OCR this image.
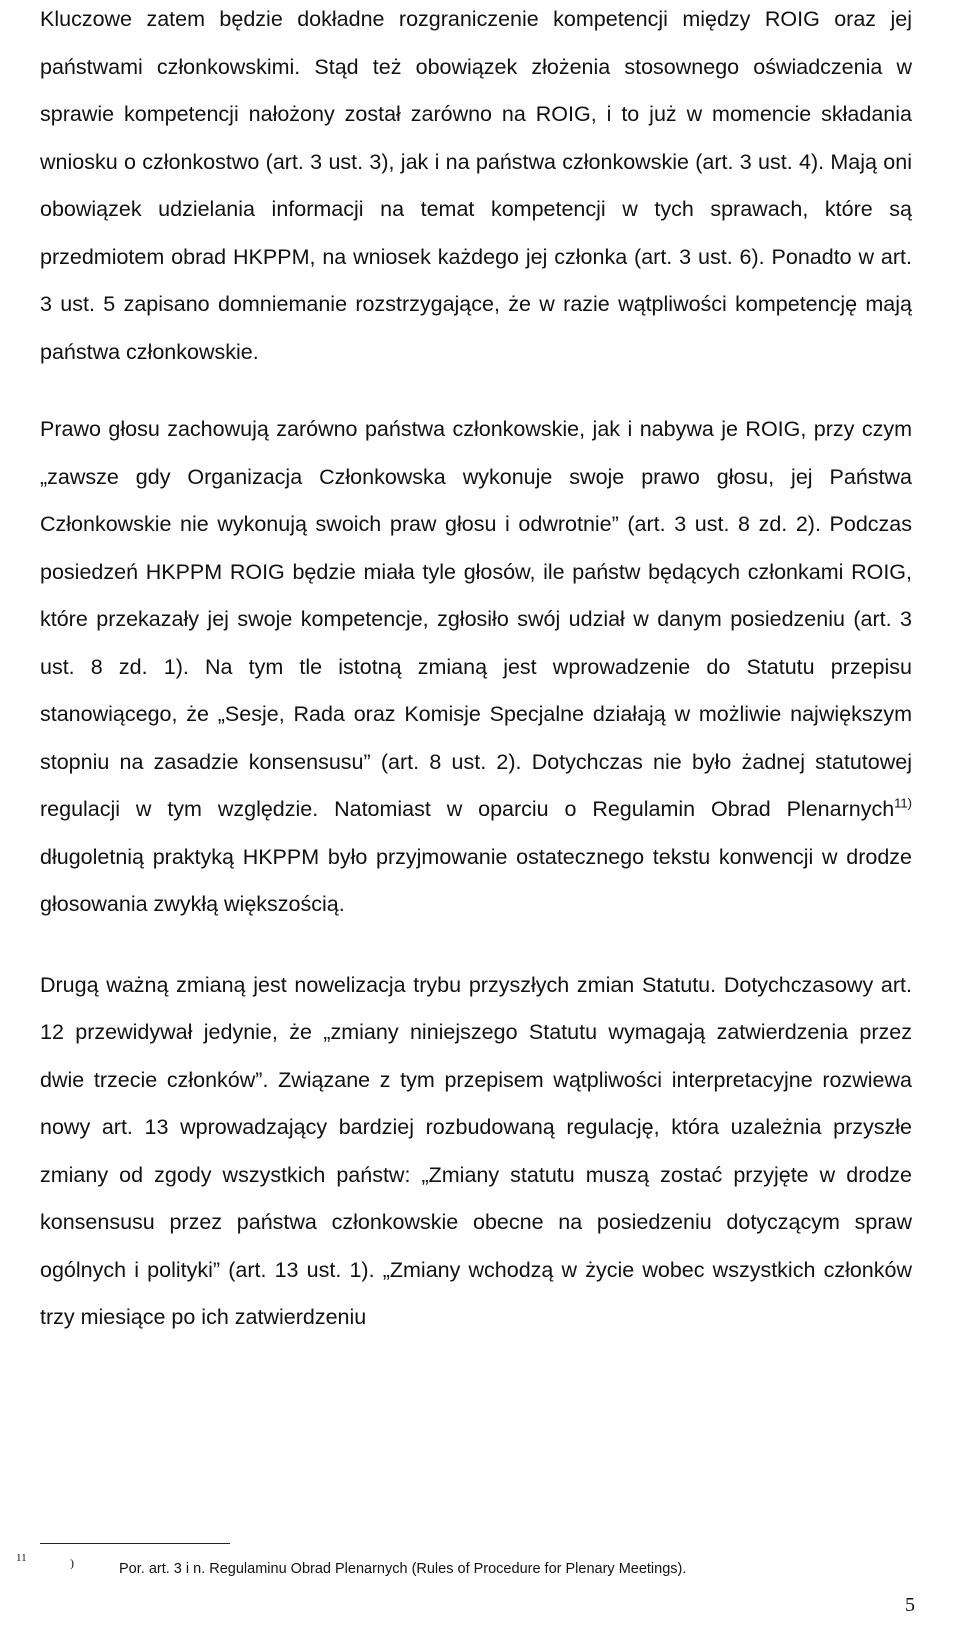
Kluczowe zatem będzie dokładne rozgraniczenie kompetencji między ROIG oraz jej państwami członkowskimi. Stąd też obowiązek złożenia stosownego oświadczenia w sprawie kompetencji nałożony został zarówno na ROIG, i to już w momencie składania wniosku o członkostwo (art. 3 ust. 3), jak i na państwa członkowskie (art. 3 ust. 4). Mają oni obowiązek udzielania informacji na temat kompetencji w tych sprawach, które są przedmiotem obrad HKPPM, na wniosek każdego jej członka (art. 3 ust. 6). Ponadto w art. 3 ust. 5 zapisano domniemanie rozstrzygające, że w razie wątpliwości kompetencję mają państwa członkowskie.

Prawo głosu zachowują zarówno państwa członkowskie, jak i nabywa je ROIG, przy czym „zawsze gdy Organizacja Członkowska wykonuje swoje prawo głosu, jej Państwa Członkowskie nie wykonują swoich praw głosu i odwrotnie” (art. 3 ust. 8 zd. 2). Podczas posiedzeń HKPPM ROIG będzie miała tyle głosów, ile państw będących członkami ROIG, które przekazały jej swoje kompetencje, zgłosiło swój udział w danym posiedzeniu (art. 3 ust. 8 zd. 1). Na tym tle istotną zmianą jest wprowadzenie do Statutu przepisu stanowiącego, że „Sesje, Rada oraz Komisje Specjalne działają w możliwie największym stopniu na zasadzie konsensusu” (art. 8 ust. 2). Dotychczas nie było żadnej statutowej regulacji w tym względzie. Natomiast w oparciu o Regulamin Obrad Plenarnych$^{11)}$ długoletnią praktyką HKPPM było przyjmowanie ostatecznego tekstu konwencji w drodze głosowania zwykłą większością.

Drugą ważną zmianą jest nowelizacja trybu przyszłych zmian Statutu. Dotychczasowy art. 12 przewidywał jedynie, że „zmiany niniejszego Statutu wymagają zatwierdzenia przez dwie trzecie członków”. Związane z tym przepisem wątpliwości interpretacyjne rozwiewa nowy art. 13 wprowadzający bardziej rozbudowaną regulację, która uzależnia przyszłe zmiany od zgody wszystkich państw: „Zmiany statutu muszą zostać przyjęte w drodze konsensusu przez państwa członkowskie obecne na posiedzeniu dotyczącym spraw ogólnych i polityki” (art. 13 ust. 1). „Zmiany wchodzą w życie wobec wszystkich członków trzy miesiące po ich zatwierdzeniu

11	)	Por. art. 3 i n. Regulaminu Obrad Plenarnych (Rules of Procedure for Plenary Meetings).
5
